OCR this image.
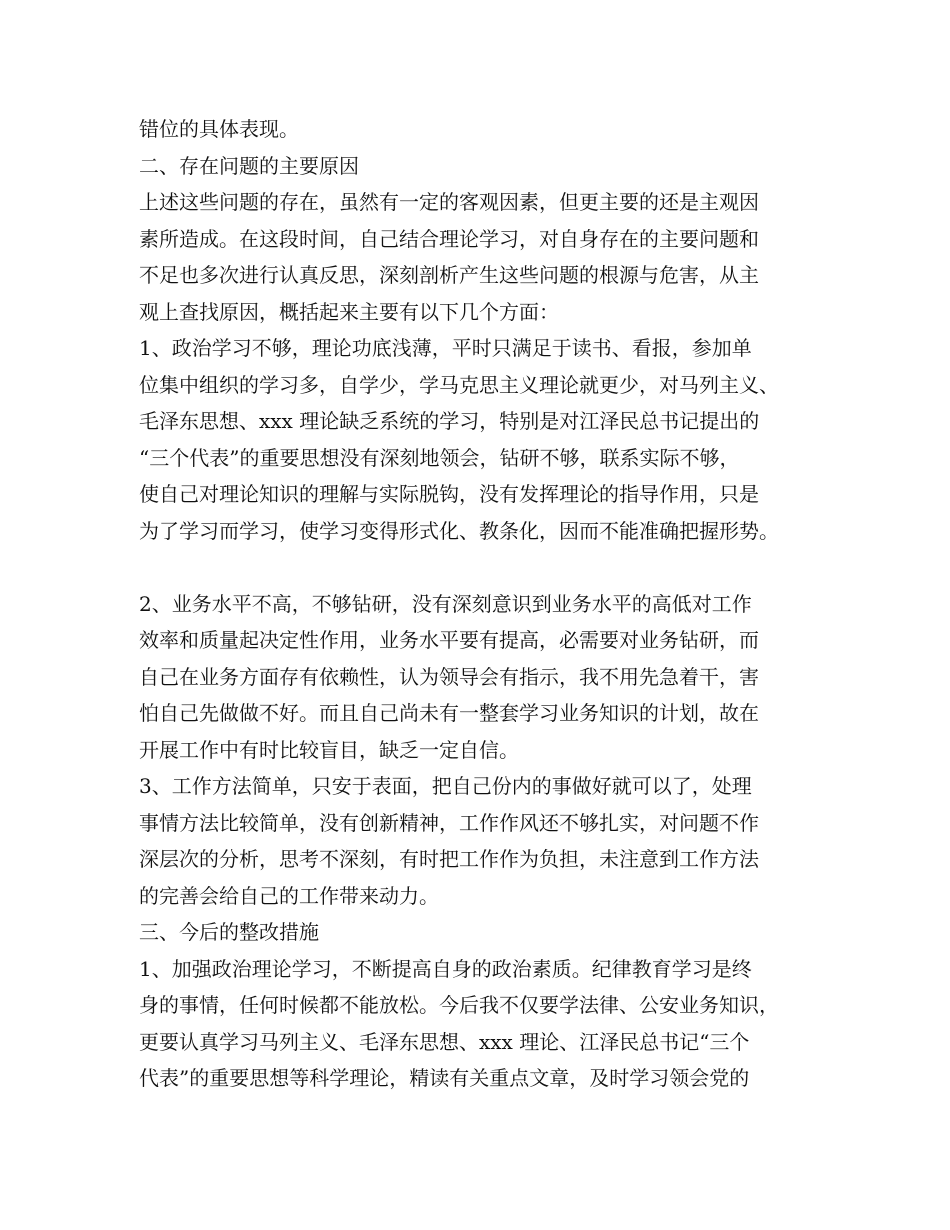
错位的具体表现。
二、存在问题的主要原因
上述这些问题的存在，虽然有一定的客观因素，但更主要的还是主观因
素所造成。在这段时间，自己结合理论学习，对自身存在的主要问题和
不足也多次进行认真反思，深刻剖析产生这些问题的根源与危害，从主
观上查找原因，概括起来主要有以下几个方面：
1、政治学习不够，理论功底浅薄，平时只满足于读书、看报，参加单
位集中组织的学习多，自学少，学马克思主义理论就更少，对马列主义、
毛泽东思想、xxx 理论缺乏系统的学习，特别是对江泽民总书记提出的
“三个代表”的重要思想没有深刻地领会，钻研不够，联系实际不够，
使自己对理论知识的理解与实际脱钩，没有发挥理论的指导作用，只是
为了学习而学习，使学习变得形式化、教条化，因而不能准确把握形势。
2、业务水平不高，不够钻研，没有深刻意识到业务水平的高低对工作
效率和质量起决定性作用，业务水平要有提高，必需要对业务钻研，而
自己在业务方面存有依赖性，认为领导会有指示，我不用先急着干，害
怕自己先做做不好。而且自己尚未有一整套学习业务知识的计划，故在
开展工作中有时比较盲目，缺乏一定自信。
3、工作方法简单，只安于表面，把自己份内的事做好就可以了，处理
事情方法比较简单，没有创新精神，工作作风还不够扎实，对问题不作
深层次的分析，思考不深刻，有时把工作作为负担，未注意到工作方法
的完善会给自己的工作带来动力。
三、今后的整改措施
1、加强政治理论学习，不断提高自身的政治素质。纪律教育学习是终
身的事情，任何时候都不能放松。今后我不仅要学法律、公安业务知识，
更要认真学习马列主义、毛泽东思想、xxx 理论、江泽民总书记“三个
代表”的重要思想等科学理论，精读有关重点文章，及时学习领会党的
